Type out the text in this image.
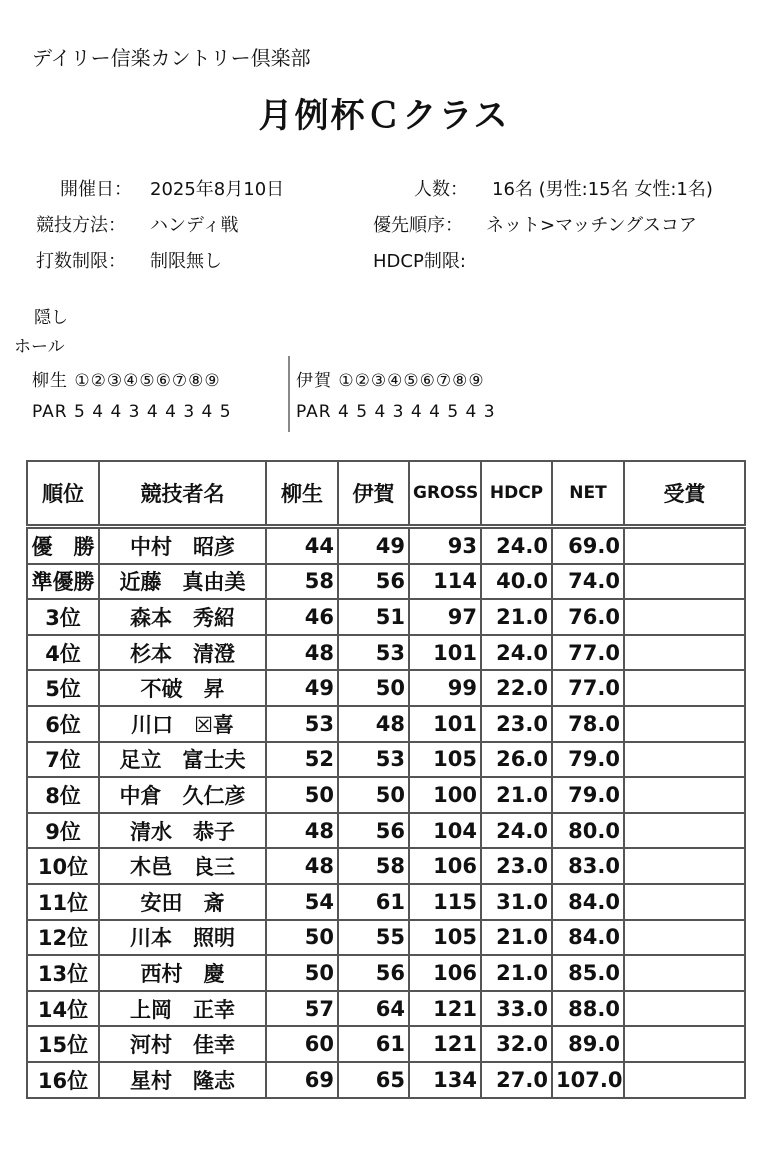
デイリー信楽カントリー倶楽部
月例杯Ｃクラス
開催日： 2025年8月10日	人数： 16名 (男性:15名 女性:1名)
競技方法： ハンディ戦	優先順序： ネット>マッチングスコア
打数制限： 制限無し	HDCP制限:
隠し
ホール
柳生 ①②③④⑤⑥⑦⑧⑨
PAR 5 4 4 3 4 4 3 4 5
伊賀 ①②③④⑤⑥⑦⑧⑨
PAR 4 5 4 3 4 4 5 4 3
順位	競技者名	柳生	伊賀	GROSS	HDCP	NET	受賞
優　勝	中村　昭彦	44	49	93	24.0	69.0	
準優勝	近藤　真由美	58	56	114	40.0	74.0	
3位	森本　秀紹	46	51	97	21.0	76.0	
4位	杉本　清澄	48	53	101	24.0	77.0	
5位	不破　昇	49	50	99	22.0	77.0	
6位	川口　☒喜	53	48	101	23.0	78.0	
7位	足立　富士夫	52	53	105	26.0	79.0	
8位	中倉　久仁彦	50	50	100	21.0	79.0	
9位	清水　恭子	48	56	104	24.0	80.0	
10位	木邑　良三	48	58	106	23.0	83.0	
11位	安田　斎	54	61	115	31.0	84.0	
12位	川本　照明	50	55	105	21.0	84.0	
13位	西村　慶	50	56	106	21.0	85.0	
14位	上岡　正幸	57	64	121	33.0	88.0	
15位	河村　佳幸	60	61	121	32.0	89.0	
16位	星村　隆志	69	65	134	27.0	107.0	
